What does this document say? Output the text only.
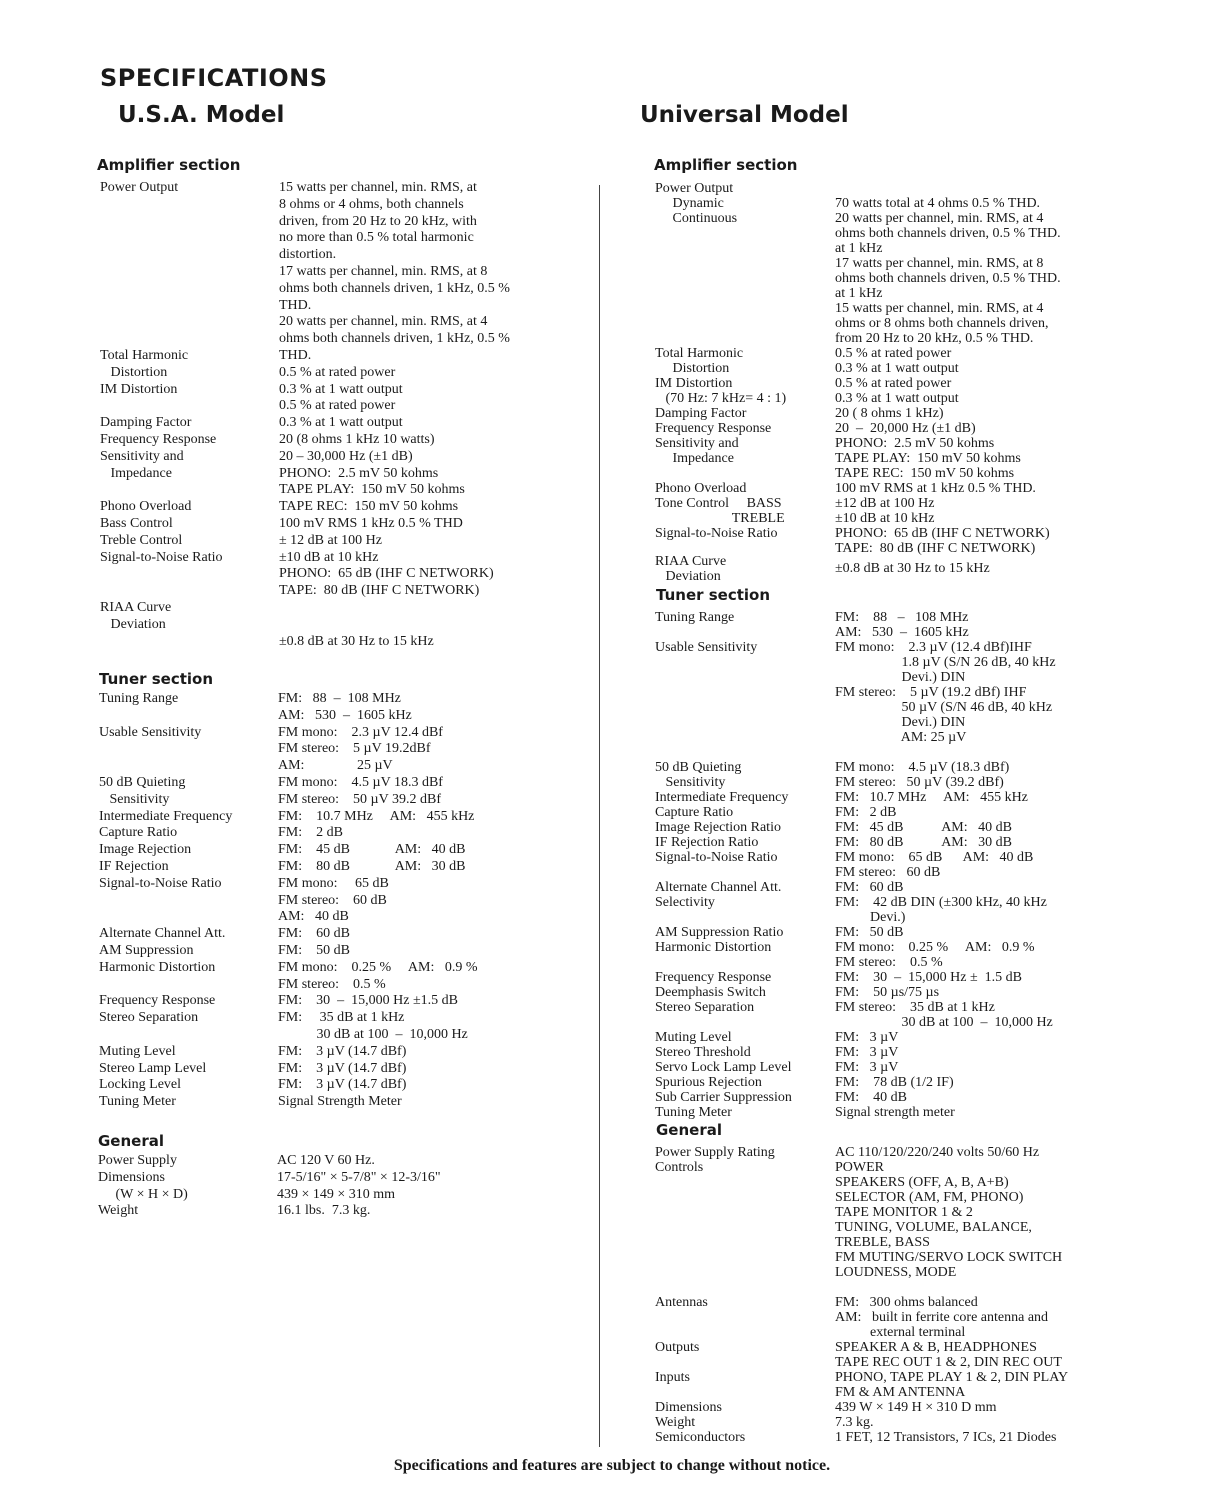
SPECIFICATIONS
U.S.A. Model	Universal Model
Amplifier section
Power Output
Total Harmonic
Distortion
IM Distortion
Damping Factor
Frequency Response
Sensitivity and
Impedance
Phono Overload
Bass Control
Treble Control
Signal-to-Noise Ratio
RIAA Curve
Deviation
15 watts per channel, min. RMS, at
8 ohms or 4 ohms, both channels
driven, from 20 Hz to 20 kHz, with
no more than 0.5 % total harmonic
distortion.
17 watts per channel, min. RMS, at 8
ohms both channels driven, 1 kHz, 0.5 %
THD.
20 watts per channel, min. RMS, at 4
ohms both channels driven, 1 kHz, 0.5 %
THD.
0.5 % at rated power
0.3 % at 1 watt output
0.5 % at rated power
0.3 % at 1 watt output
20 (8 ohms 1 kHz 10 watts)
20 – 30,000 Hz (±1 dB)
PHONO:  2.5 mV 50 kohms
TAPE PLAY:  150 mV 50 kohms
TAPE REC:  150 mV 50 kohms
100 mV RMS 1 kHz 0.5 % THD
± 12 dB at 100 Hz
±10 dB at 10 kHz
PHONO:  65 dB (IHF C NETWORK)
TAPE:  80 dB (IHF C NETWORK)
±0.8 dB at 30 Hz to 15 kHz
Tuner section
Tuning Range
Usable Sensitivity
50 dB Quieting
Sensitivity
Intermediate Frequency
Capture Ratio
Image Rejection
IF Rejection
Signal-to-Noise Ratio
Alternate Channel Att.
AM Suppression
Harmonic Distortion
Frequency Response
Stereo Separation
Muting Level
Stereo Lamp Level
Locking Level
Tuning Meter
FM:   88  –  108 MHz
AM:   530  –  1605 kHz
FM mono:    2.3 µV 12.4 dBf
FM stereo:    5 µV 19.2dBf
AM:               25 µV
FM mono:    4.5 µV 18.3 dBf
FM stereo:    50 µV 39.2 dBf
FM:    10.7 MHz     AM:   455 kHz
FM:    2 dB
FM:    45 dB             AM:   40 dB
FM:    80 dB             AM:   30 dB
FM mono:     65 dB
FM stereo:    60 dB
AM:   40 dB
FM:    60 dB
FM:    50 dB
FM mono:    0.25 %     AM:   0.9 %
FM stereo:    0.5 %
FM:    30  –  15,000 Hz ±1.5 dB
FM:     35 dB at 1 kHz
30 dB at 100  –  10,000 Hz
FM:    3 µV (14.7 dBf)
FM:    3 µV (14.7 dBf)
FM:    3 µV (14.7 dBf)
Signal Strength Meter
General
Power Supply
Dimensions
(W × H × D)
Weight
AC 120 V 60 Hz.
17-5/16" × 5-7/8" × 12-3/16"
439 × 149 × 310 mm
16.1 lbs.  7.3 kg.
Amplifier section
Power Output
Dynamic
Continuous
Total Harmonic
Distortion
IM Distortion
(70 Hz: 7 kHz= 4 : 1)
Damping Factor
Frequency Response
Sensitivity and
Impedance
Phono Overload
Tone Control     BASS
TREBLE
Signal-to-Noise Ratio
70 watts total at 4 ohms 0.5 % THD.
20 watts per channel, min. RMS, at 4
ohms both channels driven, 0.5 % THD.
at 1 kHz
17 watts per channel, min. RMS, at 8
ohms both channels driven, 0.5 % THD.
at 1 kHz
15 watts per channel, min. RMS, at 4
ohms or 8 ohms both channels driven,
from 20 Hz to 20 kHz, 0.5 % THD.
0.5 % at rated power
0.3 % at 1 watt output
0.5 % at rated power
0.3 % at 1 watt output
20 ( 8 ohms 1 kHz)
20  –  20,000 Hz (±1 dB)
PHONO:  2.5 mV 50 kohms
TAPE PLAY:  150 mV 50 kohms
TAPE REC:  150 mV 50 kohms
100 mV RMS at 1 kHz 0.5 % THD.
±12 dB at 100 Hz
±10 dB at 10 kHz
PHONO:  65 dB (IHF C NETWORK)
TAPE:  80 dB (IHF C NETWORK)
RIAA Curve
Deviation
±0.8 dB at 30 Hz to 15 kHz
Tuner section
Tuning Range
Usable Sensitivity
50 dB Quieting
Sensitivity
Intermediate Frequency
Capture Ratio
Image Rejection Ratio
IF Rejection Ratio
Signal-to-Noise Ratio
Alternate Channel Att.
Selectivity
AM Suppression Ratio
Harmonic Distortion
Frequency Response
Deemphasis Switch
Stereo Separation
Muting Level
Stereo Threshold
Servo Lock Lamp Level
Spurious Rejection
Sub Carrier Suppression
Tuning Meter
FM:    88   –   108 MHz
AM:   530  –  1605 kHz
FM mono:    2.3 µV (12.4 dBf)IHF
1.8 µV (S/N 26 dB, 40 kHz
Devi.) DIN
FM stereo:    5 µV (19.2 dBf) IHF
50 µV (S/N 46 dB, 40 kHz
Devi.) DIN
AM: 25 µV
FM mono:    4.5 µV (18.3 dBf)
FM stereo:   50 µV (39.2 dBf)
FM:   10.7 MHz     AM:   455 kHz
FM:   2 dB
FM:   45 dB           AM:   40 dB
FM:   80 dB           AM:   30 dB
FM mono:    65 dB      AM:   40 dB
FM stereo:   60 dB
FM:   60 dB
FM:    42 dB DIN (±300 kHz, 40 kHz
Devi.)
FM:   50 dB
FM mono:    0.25 %     AM:   0.9 %
FM stereo:    0.5 %
FM:    30  –  15,000 Hz ±  1.5 dB
FM:    50 µs/75 µs
FM stereo:    35 dB at 1 kHz
30 dB at 100  –  10,000 Hz
FM:   3 µV
FM:   3 µV
FM:   3 µV
FM:    78 dB (1/2 IF)
FM:    40 dB
Signal strength meter
General
Power Supply Rating
Controls
Antennas
Outputs
Inputs
Dimensions
Weight
Semiconductors
AC 110/120/220/240 volts 50/60 Hz
POWER
SPEAKERS (OFF, A, B, A+B)
SELECTOR (AM, FM, PHONO)
TAPE MONITOR 1 & 2
TUNING, VOLUME, BALANCE,
TREBLE, BASS
FM MUTING/SERVO LOCK SWITCH
LOUDNESS, MODE
FM:   300 ohms balanced
AM:   built in ferrite core antenna and
external terminal
SPEAKER A & B, HEADPHONES
TAPE REC OUT 1 & 2, DIN REC OUT
PHONO, TAPE PLAY 1 & 2, DIN PLAY
FM & AM ANTENNA
439 W × 149 H × 310 D mm
7.3 kg.
1 FET, 12 Transistors, 7 ICs, 21 Diodes
Specifications and features are subject to change without notice.
